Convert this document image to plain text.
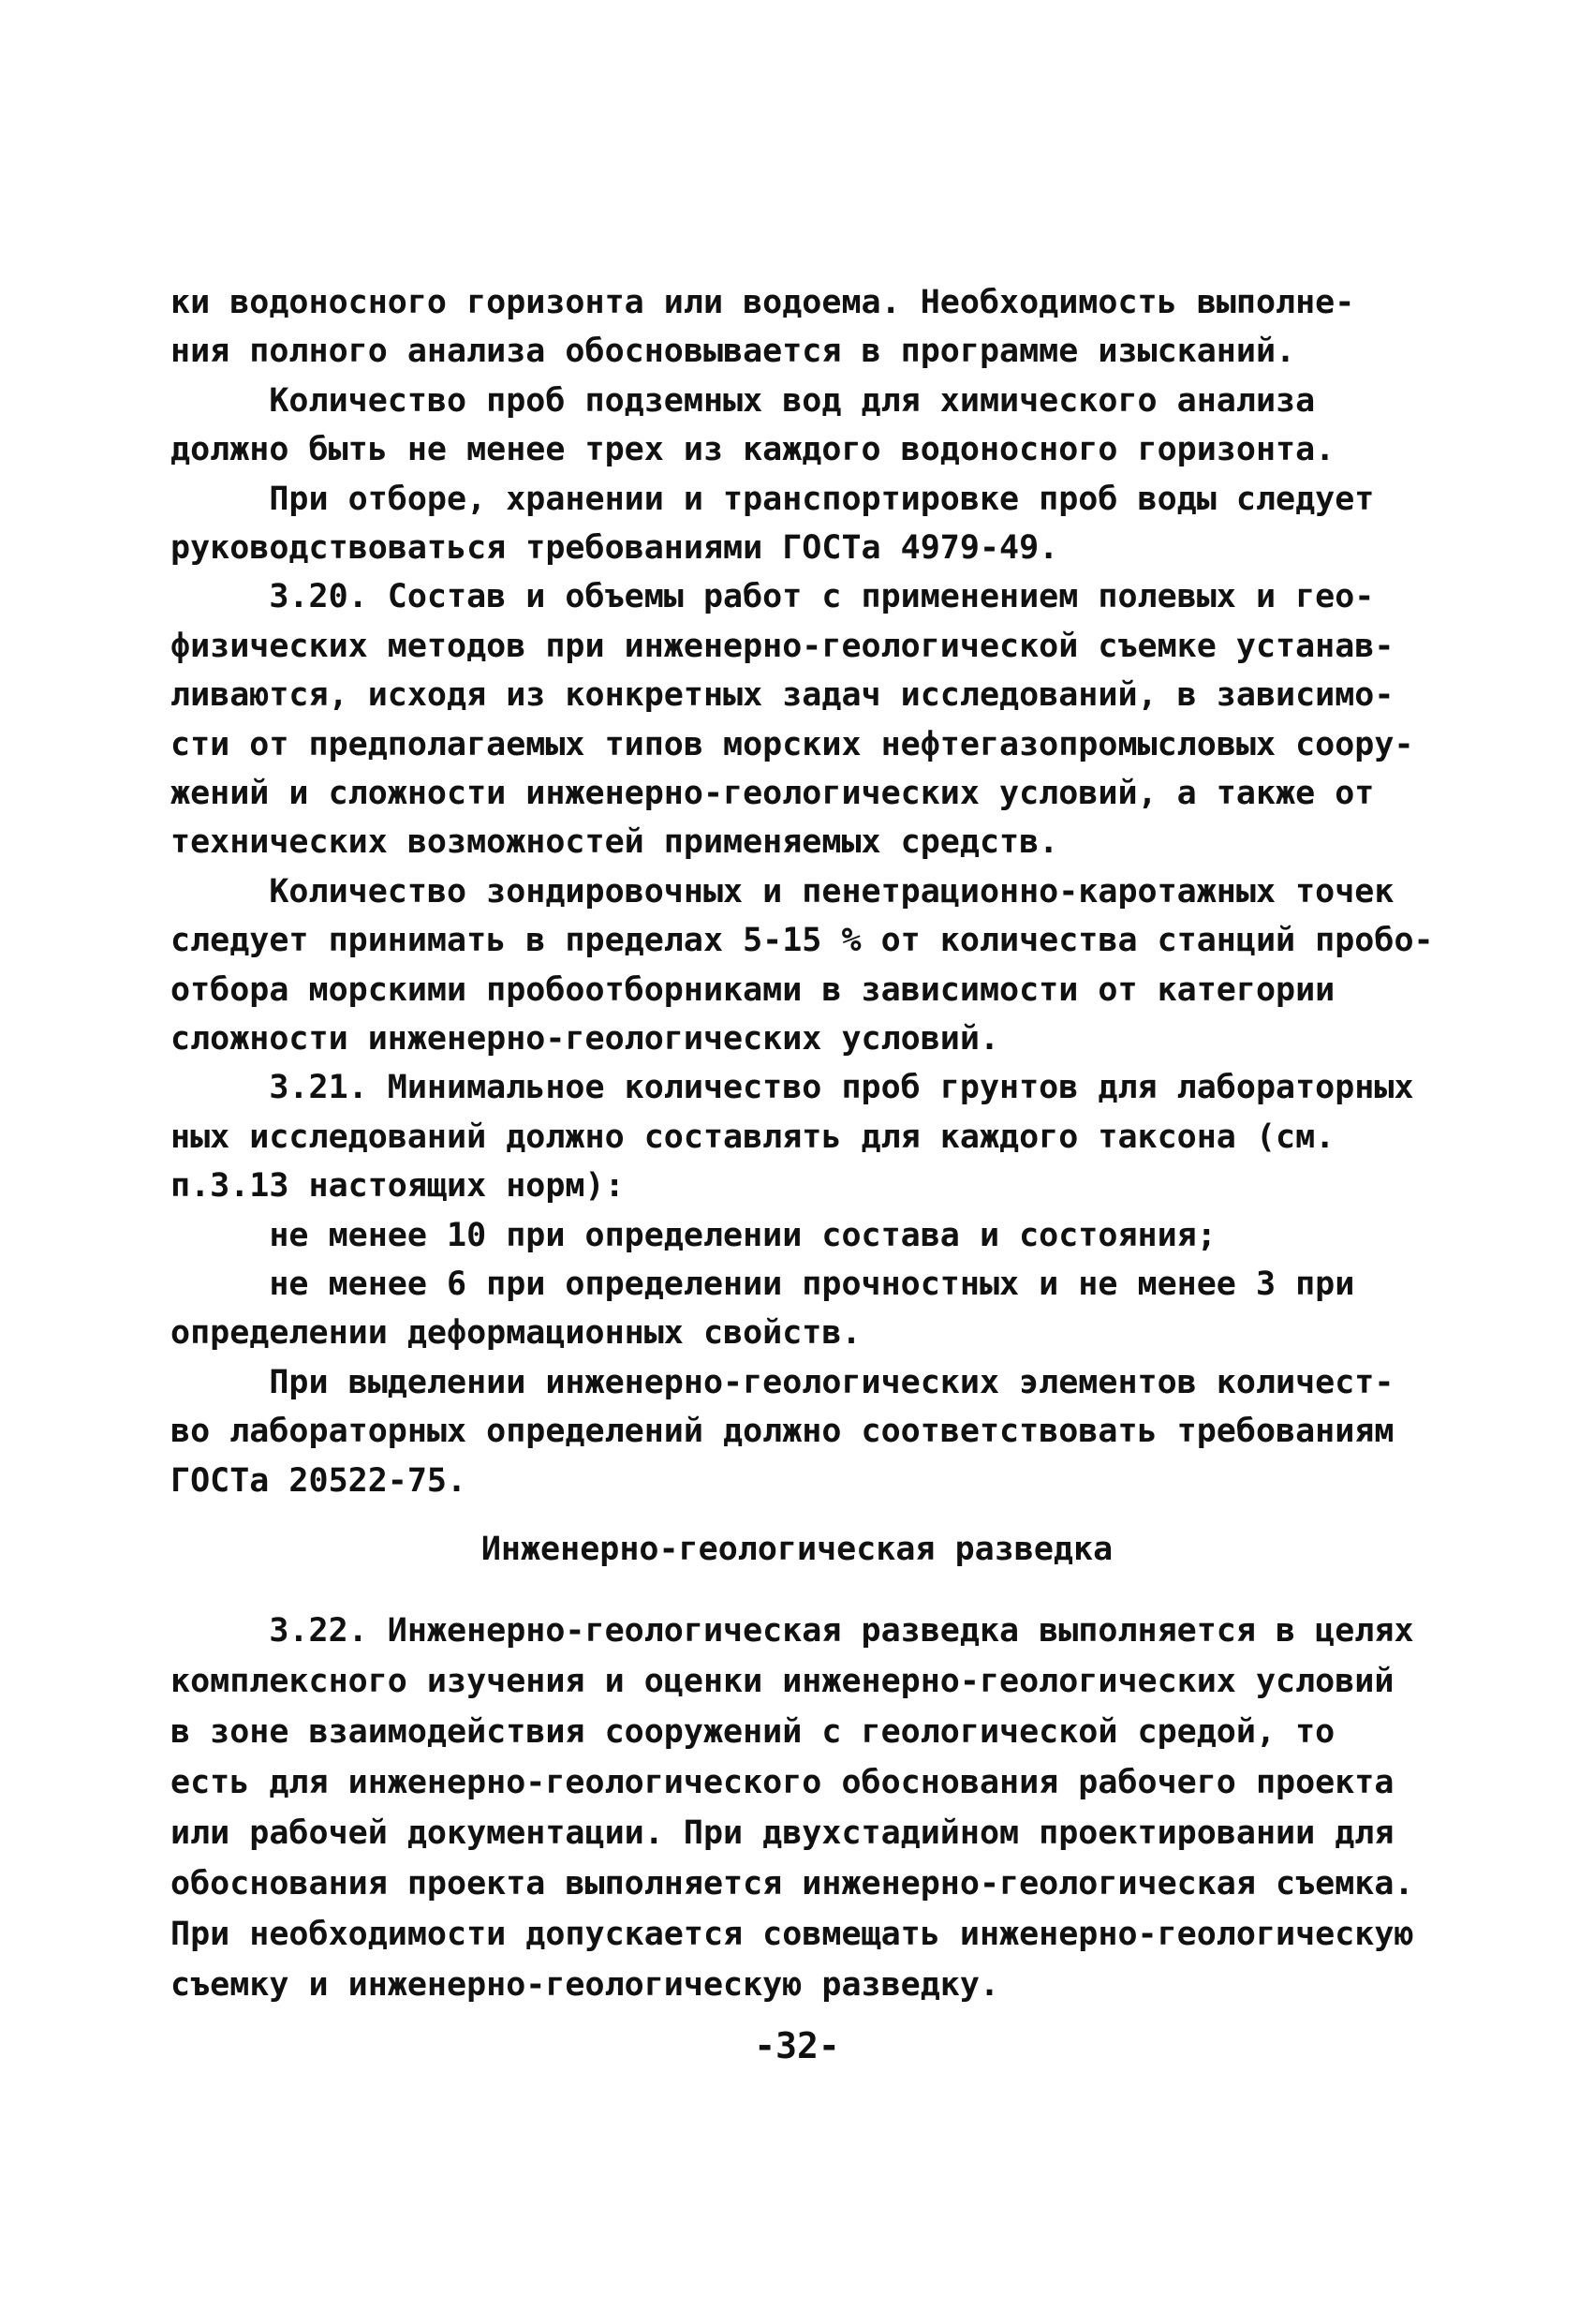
ки водоносного горизонта или водоема. Необходимость выполне-
ния полного анализа обосновывается в программе изысканий.
Количество проб подземных вод для химического анализа
должно быть не менее трех из каждого водоносного горизонта.
При отборе, хранении и транспортировке проб воды следует
руководствоваться требованиями ГОСТа 4979-49.
3.20. Состав и объемы работ с применением полевых и гео-
физических методов при инженерно-геологической съемке устанав-
ливаются, исходя из конкретных задач исследований, в зависимо-
сти от предполагаемых типов морских нефтегазопромысловых соору-
жений и сложности инженерно-геологических условий, а также от
технических возможностей применяемых средств.
Количество зондировочных и пенетрационно-каротажных точек
следует принимать в пределах 5-15 % от количества станций пробо-
отбора морскими пробоотборниками в зависимости от категории
сложности инженерно-геологических условий.
3.21. Минимальное количество проб грунтов для лабораторных
ных исследований должно составлять для каждого таксона (см.
п.3.13 настоящих норм):
не менее 10 при определении состава и состояния;
не менее 6 при определении прочностных и не менее 3 при
определении деформационных свойств.
При выделении инженерно-геологических элементов количест-
во лабораторных определений должно соответствовать требованиям
ГОСТа 20522-75.
Инженерно-геологическая разведка
3.22. Инженерно-геологическая разведка выполняется в целях
комплексного изучения и оценки инженерно-геологических условий
в зоне взаимодействия сооружений с геологической средой, то
есть для инженерно-геологического обоснования рабочего проекта
или рабочей документации. При двухстадийном проектировании для
обоснования проекта выполняется инженерно-геологическая съемка.
При необходимости допускается совмещать инженерно-геологическую
съемку и инженерно-геологическую разведку.
-32-
